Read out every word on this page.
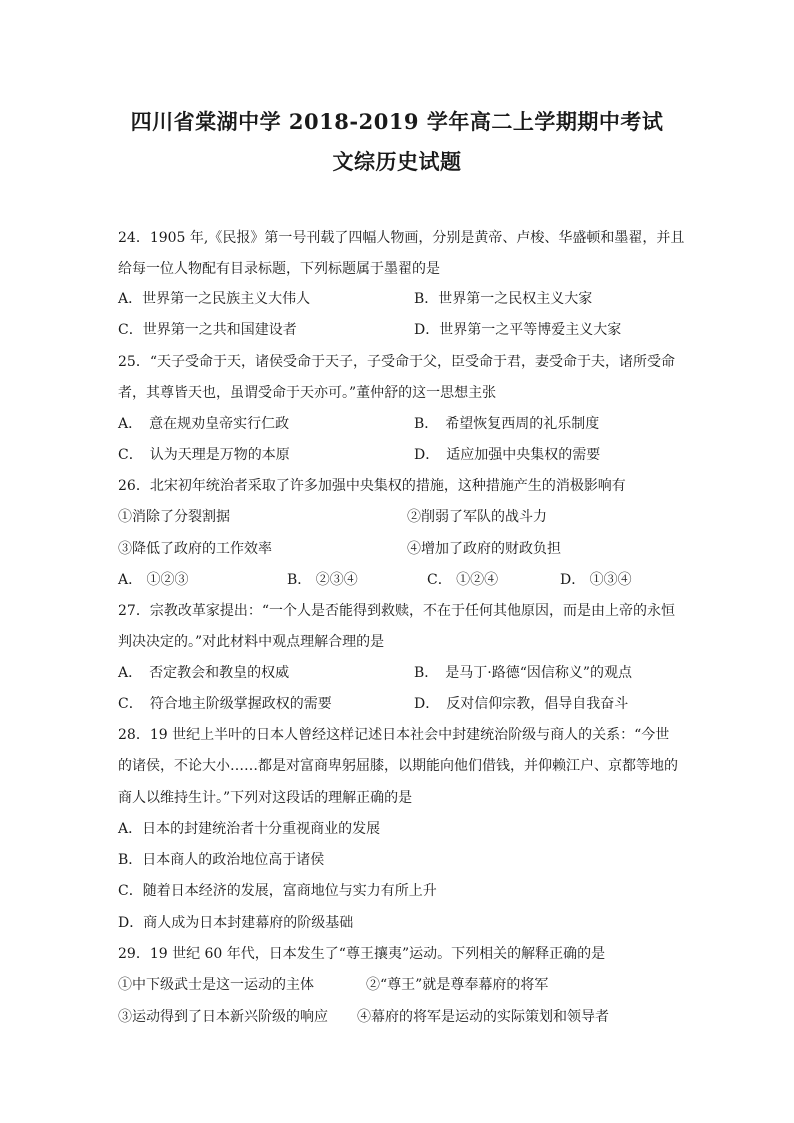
四川省棠湖中学 2018-2019 学年高二上学期期中考试
文综历史试题
24．1905 年,《民报》第一号刊载了四幅人物画，分别是黄帝、卢梭、华盛顿和墨翟，并且
给每一位人物配有目录标题，下列标题属于墨翟的是
A．世界第一之民族主义大伟人	B．世界第一之民权主义大家
C．世界第一之共和国建设者	D．世界第一之平等博爱主义大家
25．“天子受命于天，诸侯受命于天子，子受命于父，臣受命于君，妻受命于夫，诸所受命
者，其尊皆天也，虽谓受命于天亦可。”董仲舒的这一思想主张
A．　意在规劝皇帝实行仁政	B．　希望恢复西周的礼乐制度
C．　认为天理是万物的本原	D．　适应加强中央集权的需要
26．北宋初年统治者采取了许多加强中央集权的措施，这种措施产生的消极影响有
①消除了分裂割据	②削弱了军队的战斗力
③降低了政府的工作效率	④增加了政府的财政负担
A． ①②③	B． ②③④	C． ①②④	D． ①③④
27．宗教改革家提出：“一个人是否能得到救赎，不在于任何其他原因，而是由上帝的永恒
判决决定的。”对此材料中观点理解合理的是
A．　否定教会和教皇的权威	B．　是马丁·路德“因信称义”的观点
C．　符合地主阶级掌握政权的需要	D．　反对信仰宗教，倡导自我奋斗
28．19 世纪上半叶的日本人曾经这样记述日本社会中封建统治阶级与商人的关系：“今世
的诸侯，不论大小……都是对富商卑躬屈膝，以期能向他们借钱，并仰赖江户、京都等地的
商人以维持生计。”下列对这段话的理解正确的是
A．日本的封建统治者十分重视商业的发展
B．日本商人的政治地位高于诸侯
C．随着日本经济的发展，富商地位与实力有所上升
D．商人成为日本封建幕府的阶级基础
29．19 世纪 60 年代，日本发生了“尊王攘夷”运动。下列相关的解释正确的是
①中下级武士是这一运动的主体	②“尊王”就是尊奉幕府的将军
③运动得到了日本新兴阶级的响应 ④幕府的将军是运动的实际策划和领导者
